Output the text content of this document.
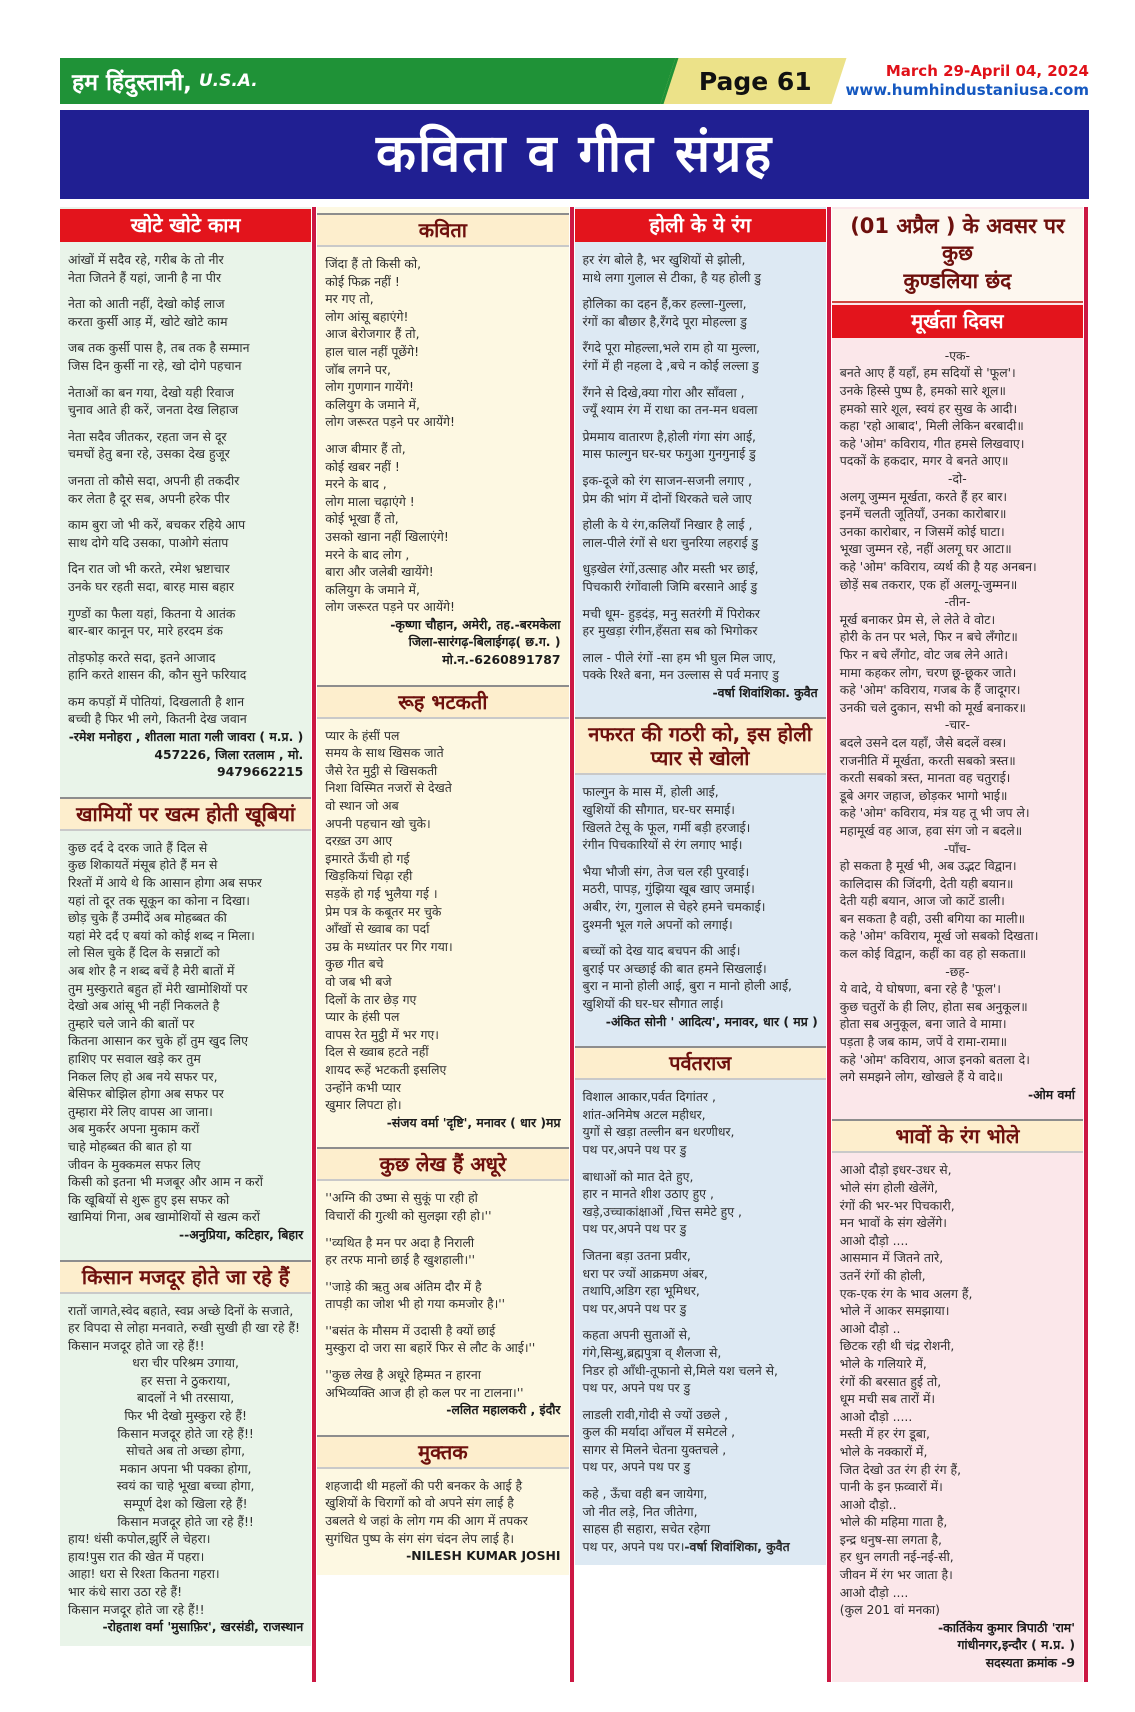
हम हिंदुस्तानी, U.S.A.	Page 61	March 29-April 04, 2024
www.humhindustaniusa.com
कविता व गीत संग्रह
खोटे खोटे काम
आंखों में सदैव रहे, गरीब के तो नीर
नेता जितने हैं यहां, जानी है ना पीर
नेता को आती नहीं, देखो कोई लाज
करता कुर्सी आड़ में, खोटे खोटे काम
जब तक कुर्सी पास है, तब तक है सम्मान
जिस दिन कुर्सी ना रहे, खो दोगे पहचान
नेताओं का बन गया, देखो यही रिवाज
चुनाव आते ही करें, जनता देख लिहाज
नेता सदैव जीतकर, रहता जन से दूर
चमचों हेतु बना रहे, उसका देख हुजूर
जनता तो कौसे सदा, अपनी ही तकदीर
कर लेता है दूर सब, अपनी हरेक पीर
काम बुरा जो भी करें, बचकर रहिये आप
साथ दोगे यदि उसका, पाओगे संताप
दिन रात जो भी करते, रमेश भ्रष्टाचार
उनके घर रहती सदा, बारह मास बहार
गुण्डों का फैला यहां, कितना ये आतंक
बार-बार कानून पर, मारे हरदम डंक
तोड़फोड़ करते सदा, इतने आजाद
हानि करते शासन की, कौन सुने फरियाद
कम कपड़ों में पोतियां, दिखलाती है शान
बच्ची है फिर भी लगे, कितनी देख जवान
-रमेश मनोहरा , शीतला माता गली जावरा ( म.प्र. )
457226, जिला रतलाम , मो. 9479662215
खामियों पर खत्म होती खूबियां
कुछ दर्द दे दरक जाते हैं दिल से
कुछ शिकायतें मंसूब होते हैं मन से
रिश्तों में आये थे कि आसान होगा अब सफर
यहां तो दूर तक सूकून का कोना न दिखा।
छोड़ चुके हैं उम्मीदें अब मोहब्बत की
यहां मेरे दर्द ए बयां को कोई शब्द न मिला।
लो सिल चुके हैं दिल के सन्नाटों को
अब शोर है न शब्द बचें है मेरी बातों में
तुम मुस्कुराते बहुत हों मेरी खामोशियों पर
देखो अब आंसू भी नहीं निकलते है
तुम्हारे चले जाने की बातों पर
कितना आसान कर चुके हों तुम खुद लिए
हाशिए पर सवाल खड़े कर तुम
निकल लिए हो अब नये सफर पर,
बेसिफर बोझिल होगा अब सफर पर
तुम्हारा मेरे लिए वापस आ जाना।
अब मुकर्रर अपना मुकाम करों
चाहे मोहब्बत की बात हो या
जीवन के मुक्कमल सफर लिए
किसी को इतना भी मजबूर और आम न करों
कि खूबियों से शुरू हुए इस सफर को
खामियां गिना, अब खामोशियों से खत्म करों
--अनुप्रिया, कटिहार, बिहार
किसान मजदूर होते जा रहे हैं
रातों जागते,स्वेद बहाते, स्वप्न अच्छे दिनों के सजाते,
हर विपदा से लोहा मनवाते, रुखी सुखी ही खा रहे हैं!
किसान मजदूर होते जा रहे हैं!!
धरा चीर परिश्रम उगाया,
हर सत्ता ने ठुकराया,
बादलों ने भी तरसाया,
फिर भी देखो मुस्कुरा रहे हैं!
किसान मजदूर होते जा रहे हैं!!
सोचते अब तो अच्छा होगा,
मकान अपना भी पक्का होगा,
स्वयं का चाहे भूखा बच्चा होगा,
सम्पूर्ण देश को खिला रहे हैं!
किसान मजदूर होते जा रहे हैं!!
हाय! धंसी कपोल,झुर्रि ले चेहरा।
हाय!पुस रात की खेत में पहरा।
आहा! धरा से रिश्ता कितना गहरा।
भार कंधे सारा उठा रहे हैं!
किसान मजदूर होते जा रहे हैं!!
-रोहताश वर्मा 'मुसाफ़िर', खरसंडी, राजस्थान
कविता
जिंदा हैं तो किसी को,
कोई फिक्र नहीं !
मर गए तो,
लोग आंसू बहाएंगे!
आज बेरोजगार हैं तो,
हाल चाल नहीं पूछेंगे!
जॉब लगने पर,
लोग गुणगान गायेंगे!
कलियुग के जमाने में,
लोग जरूरत पड़ने पर आयेंगे!
आज बीमार हैं तो,
कोई खबर नहीं !
मरने के बाद ,
लोग माला चढ़ाएंगे !
कोई भूखा हैं तो,
उसको खाना नहीं खिलाएंगे!
मरने के बाद लोग ,
बारा और जलेबी खायेंगे!
कलियुग के जमाने में,
लोग जरूरत पड़ने पर आयेंगे!
-कृष्णा चौहान, अमेरी, तह.-बरमकेला
जिला-सारंगढ़-बिलाईगढ़( छ.ग. )
मो.न.-6260891787
रूह भटकती
प्यार के हंसीं पल
समय के साथ खिसक जाते
जैसे रेत मुट्ठी से खिसकती
निशा विस्मित नजरों से देखते
वो स्थान जो अब
अपनी पहचान खो चुके।
दरख़्त उग आए
इमारते ऊँची हो गई
खिड़कियां चिढ़ा रही
सड़कें हो गई भुलैया गई ।
प्रेम पत्र के कबूतर मर चुके
आँखों से ख्वाब का पर्दा
उम्र के मध्यांतर पर गिर गया।
कुछ गीत बचे
वो जब भी बजे
दिलों के तार छेड़ गए
प्यार के हंसी पल
वापस रेत मुट्ठी में भर गए।
दिल से ख्वाब हटते नहीं
शायद रूहें भटकती इसलिए
उन्होंने कभी प्यार
खुमार लिपटा हो।
-संजय वर्मा 'दृष्टि', मनावर ( धार )मप्र
कुछ लेख हैं अधूरे
''अग्नि की उष्मा से सुकूं पा रही हो
विचारों की गुत्थी को सुलझा रही हो।''
''व्यथित है मन पर अदा है निराली
हर तरफ मानो छाई है खुशहाली।''
''जाड़े की ऋतु अब अंतिम दौर में है
तापड़ी का जोश भी हो गया कमजोर है।''
''बसंत के मौसम में उदासी है क्यों छाई
मुस्कुरा दो जरा सा बहारें फिर से लौट के आई।''
''कुछ लेख है अधूरे हिम्मत न हारना
अभिव्यक्ति आज ही हो कल पर ना टालना।''
-ललित महालकरी , इंदौर
मुक्तक
शहजादी थी महलों की परी बनकर के आई है
खुशियों के चिरागों को वो अपने संग लाई है
उबलते थे जहां के लोग गम की आग में तपकर
सुगंधित पुष्प के संग संग चंदन लेप लाई है।
-NILESH KUMAR JOSHI
होली के ये रंग
हर रंग बोले है, भर खुशियों से झोली,
माथे लगा गुलाल से टीका, है यह होली डु
होलिका का दहन हैं,कर हल्ला-गुल्ला,
रंगों का बौछार है,रँगदे पूरा मोहल्ला डु
रँगदे पूरा मोहल्ला,भले राम हो या मुल्ला,
रंगों में ही नहला दे ,बचे न कोई लल्ला डु
रँगने से दिखे,क्या गोरा और साँवला ,
ज्यूँ श्याम रंग में राधा का तन-मन धवला
प्रेममाय वातारण है,होली गंगा संग आई,
मास फाल्गुन घर-घर फगुआ गुनगुनाई डु
इक-दूजे को रंग साजन-सजनी लगाए ,
प्रेम की भांग में दोनों थिरकते चले जाए
होली के ये रंग,कलियाँ निखार है लाई ,
लाल-पीले रंगों से धरा चुनरिया लहराई डु
धुड़खेल रंगों,उत्साह और मस्ती भर छाई,
पिचकारी रंगोंवाली जिमि बरसाने आई डु
मची धूम- हुड़दंड़, मनु सतरंगी में पिरोकर
हर मुखड़ा रंगीन,हँसता सब को भिगोकर
लाल - पीले रंगों -सा हम भी घुल मिल जाए,
पक्के रिश्ते बना, मन उल्लास से पर्व मनाए डु
-वर्षा शिवांशिका. कुवैत
नफरत की गठरी को, इस होली प्यार से खोलो
फाल्गुन के मास में, होली आई,
खुशियों की सौगात, घर-घर समाई।
खिलते टेसू के फूल, गर्मी बड़ी हरजाई।
रंगीन पिचकारियों से रंग लगाए भाई।
भैया भौजी संग, तेज चल रही पुरवाई।
मठरी, पापड़, गुंझिया खूब खाए जमाई।
अबीर, रंग, गुलाल से चेहरे हमने चमकाई।
दुश्मनी भूल गले अपनों को लगाई।
बच्चों को देख याद बचपन की आई।
बुराई पर अच्छाई की बात हमने सिखलाई।
बुरा न मानो होली आई, बुरा न मानो होली आई,
खुशियों की घर-घर सौगात लाई।
-अंकित सोनी ' आदित्य', मनावर, धार ( मप्र )
पर्वतराज
विशाल आकार,पर्वत दिगांतर ,
शांत-अनिमेष अटल महीधर,
युगों से खड़ा तल्लीन बन धरणीधर,
पथ पर,अपने पथ पर डु
बाधाओं को मात देते हुए,
हार न मानते शीश उठाए हुए ,
खड़े,उच्चाकांक्षाओं ,चित्त समेटे हुए ,
पथ पर,अपने पथ पर डु
जितना बड़ा उतना प्रवीर,
धरा पर ज्यों आक्रमण अंबर,
तथापि,अडिग रहा भूमिधर,
पथ पर,अपने पथ पर डु
कहता अपनी सुताओं से,
गंगे,सिन्धु,ब्रह्मपुत्रा व् शैलजा से,
निडर हो आँधी-तूफानो से,मिले यश चलने से,
पथ पर, अपने पथ पर डु
लाडली रावी,गोदी से ज्यों उछले ,
कुल की मर्यादा आँचल में समेटले ,
सागर से मिलने चेतना युक्तचले ,
पथ पर, अपने पथ पर डु
कहे , ऊँचा वही बन जायेगा,
जो नीत लड़े, नित जीतेगा,
साहस ही सहारा, सचेत रहेगा
पथ पर, अपने पथ पर।-वर्षा शिवांशिका, कुवैत
(01 अप्रैल ) के अवसर पर कुछ
कुण्डलिया छंद
मूर्खता दिवस
-एक-
बनते आए हैं यहाँ, हम सदियों से 'फूल'।
उनके हिस्से पुष्प है, हमको सारे शूल॥
हमको सारे शूल, स्वयं हर सुख के आदी।
कहा 'रहो आबाद', मिली लेकिन बरबादी॥
कहे 'ओम' कविराय, गीत हमसे लिखवाए।
पदकों के हकदार, मगर वे बनते आए॥
-दो-
अलगू जुम्मन मूर्खता, करते हैं हर बार।
इनमें चलती जूतियाँ, उनका कारोबार॥
उनका कारोबार, न जिसमें कोई घाटा।
भूखा जुम्मन रहे, नहीं अलगू घर आटा॥
कहे 'ओम' कविराय, व्यर्थ की है यह अनबन।
छोड़ें सब तकरार, एक हों अलगू-जुम्मन॥
-तीन-
मूर्ख बनाकर प्रेम से, ले लेते वे वोट।
होरी के तन पर भले, फिर न बचे लँगोट॥
फिर न बचे लँगोट, वोट जब लेने आते।
मामा कहकर लोग, चरण छू-छूकर जाते।
कहे 'ओम' कविराय, गजब के हैं जादूगर।
उनकी चले दुकान, सभी को मूर्ख बनाकर॥
-चार-
बदले उसने दल यहाँ, जैसे बदलें वस्त्र।
राजनीति में मूर्खता, करती सबको त्रस्त॥
करती सबको त्रस्त, मानता वह चतुराई।
डूबे अगर जहाज, छोड़कर भागो भाई॥
कहे 'ओम' कविराय, मंत्र यह तू भी जप ले।
महामूर्ख वह आज, हवा संग जो न बदले॥
-पाँच-
हो सकता है मूर्ख भी, अब उद्भट विद्वान।
कालिदास की जिंदगी, देती यही बयान॥
देती यही बयान, आज जो काटें डाली।
बन सकता है वही, उसी बगिया का माली॥
कहे 'ओम' कविराय, मूर्ख जो सबको दिखता।
कल कोई विद्वान, कहीं का वह हो सकता॥
-छह-
ये वादे, ये घोषणा, बना रहे है 'फूल'।
कुछ चतुरों के ही लिए, होता सब अनुकूल॥
होता सब अनुकूल, बना जाते वे मामा।
पड़ता है जब काम, जपें वे रामा-रामा॥
कहे 'ओम' कविराय, आज इनको बतला दे।
लगे समझने लोग, खोखले हैं ये वादे॥
-ओम वर्मा
भावों के रंग भोले
आओ दौड़ो इधर-उधर से,
भोले संग होली खेलेंगे,
रंगों की भर-भर पिचकारी,
मन भावों के संग खेलेंगे।
आओ दौड़ो ....
आसमान में जितने तारे,
उतनें रंगों की होली,
एक-एक रंग के भाव अलग हैं,
भोले नें आकर समझाया।
आओ दौड़ो ..
छिटक रही थी चंद्र रोशनी,
भोले के गलियारे में,
रंगों की बरसात हुई तो,
धूम मची सब तारों में।
आओ दौड़ो .....
मस्ती में हर रंग डूबा,
भोले के नक्कारों में,
जित देखो उत रंग ही रंग हैं,
पानी के इन फ़व्वारों में।
आओ दौड़ो..
भोले की महिमा गाता है,
इन्द्र धनुष-सा लगता है,
हर धुन लगती नई-नई-सी,
जीवन में रंग भर जाता है।
आओ दौड़ो ....
(कुल 201 वां मनका)
-कार्तिकेय कुमार त्रिपाठी 'राम'
गांधीनगर,इन्दौर ( म.प्र. )
सदस्यता क्रमांक -9
